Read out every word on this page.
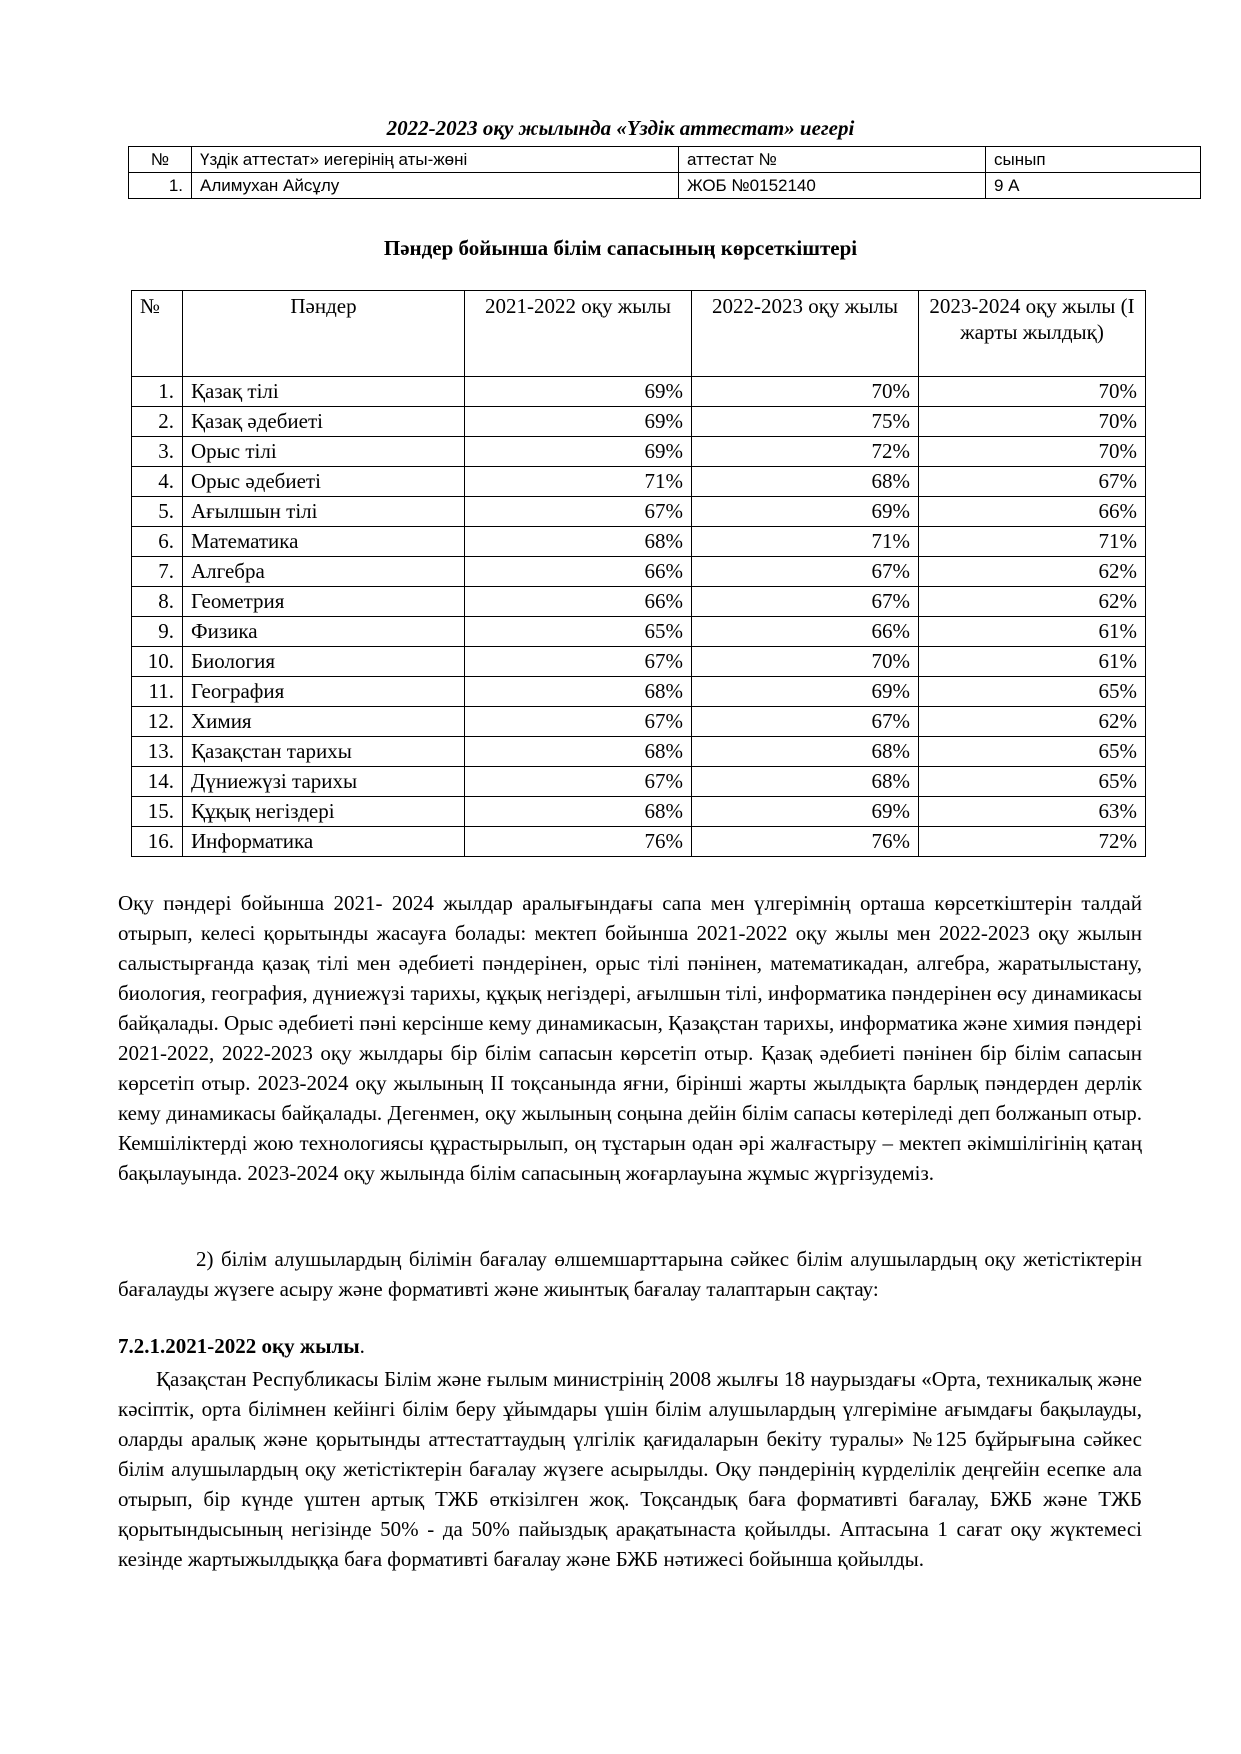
2022-2023 оқу жылында «Үздік аттестат» иегері
№	Үздік аттестат» иегерінің аты-жөні	аттестат №	сынып
1.	Алимухан Айсұлу	ЖОБ №0152140	9 А
Пәндер бойынша білім сапасының көрсеткіштері
№	Пәндер	2021-2022 оқу жылы	2022-2023 оқу жылы	2023-2024 оқу жылы (І жарты жылдық)
1.	Қазақ тілі	69%	70%	70%
2.	Қазақ әдебиеті	69%	75%	70%
3.	Орыс тілі	69%	72%	70%
4.	Орыс әдебиеті	71%	68%	67%
5.	Ағылшын тілі	67%	69%	66%
6.	Математика	68%	71%	71%
7.	Алгебра	66%	67%	62%
8.	Геометрия	66%	67%	62%
9.	Физика	65%	66%	61%
10.	Биология	67%	70%	61%
11.	География	68%	69%	65%
12.	Химия	67%	67%	62%
13.	Қазақстан тарихы	68%	68%	65%
14.	Дүниежүзі тарихы	67%	68%	65%
15.	Құқық негіздері	68%	69%	63%
16.	Информатика	76%	76%	72%

Оқу пәндері бойынша 2021- 2024 жылдар аралығындағы сапа мен үлгерімнің орташа көрсеткіштерін талдай отырып, келесі қорытынды жасауға болады: мектеп бойынша 2021-2022 оқу жылы мен 2022-2023 оқу жылын салыстырғанда қазақ тілі мен әдебиеті пәндерінен, орыс тілі пәнінен, математикадан, алгебра, жаратылыстану, биология, география, дүниежүзі тарихы, құқық негіздері, ағылшын тілі, информатика пәндерінен өсу динамикасы байқалады. Орыс әдебиеті пәні керсінше кему динамикасын, Қазақстан тарихы, информатика және химия пәндері 2021-2022, 2022-2023 оқу жылдары бір білім сапасын көрсетіп отыр. Қазақ әдебиеті пәнінен бір білім сапасын көрсетіп отыр. 2023-2024 оқу жылының ІІ тоқсанында яғни, бірінші жарты жылдықта барлық пәндерден дерлік кему динамикасы байқалады. Дегенмен, оқу жылының соңына дейін білім сапасы көтеріледі деп болжанып отыр. Кемшіліктерді жою технологиясы құрастырылып, оң тұстарын одан әрі жалғастыру – мектеп әкімшілігінің қатаң бақылауында. 2023-2024 оқу жылында білім сапасының жоғарлауына жұмыс жүргізудеміз.

2) білім алушылардың білімін бағалау өлшемшарттарына сәйкес білім алушылардың оқу жетістіктерін бағалауды жүзеге асыру және формативті және жиынтық бағалау талаптарын сақтау:

7.2.1.2021-2022 оқу жылы.

Қазақстан Республикасы Білім және ғылым министрінің 2008 жылғы 18 наурыздағы «Орта, техникалық және кәсіптік, орта білімнен кейінгі білім беру ұйымдары үшін білім алушылардың үлгеріміне ағымдағы бақылауды, оларды аралық және қорытынды аттестаттаудың үлгілік қағидаларын бекіту туралы» №125 бұйрығына сәйкес білім алушылардың оқу жетістіктерін бағалау жүзеге асырылды. Оқу пәндерінің күрделілік деңгейін есепке ала отырып, бір күнде үштен артық ТЖБ өткізілген жоқ. Тоқсандық баға формативті бағалау, БЖБ және ТЖБ қорытындысының негізінде 50% - да 50% пайыздық арақатынаста қойылды. Аптасына 1 сағат оқу жүктемесі кезінде жартыжылдыққа баға формативті бағалау және БЖБ нәтижесі бойынша қойылды.
